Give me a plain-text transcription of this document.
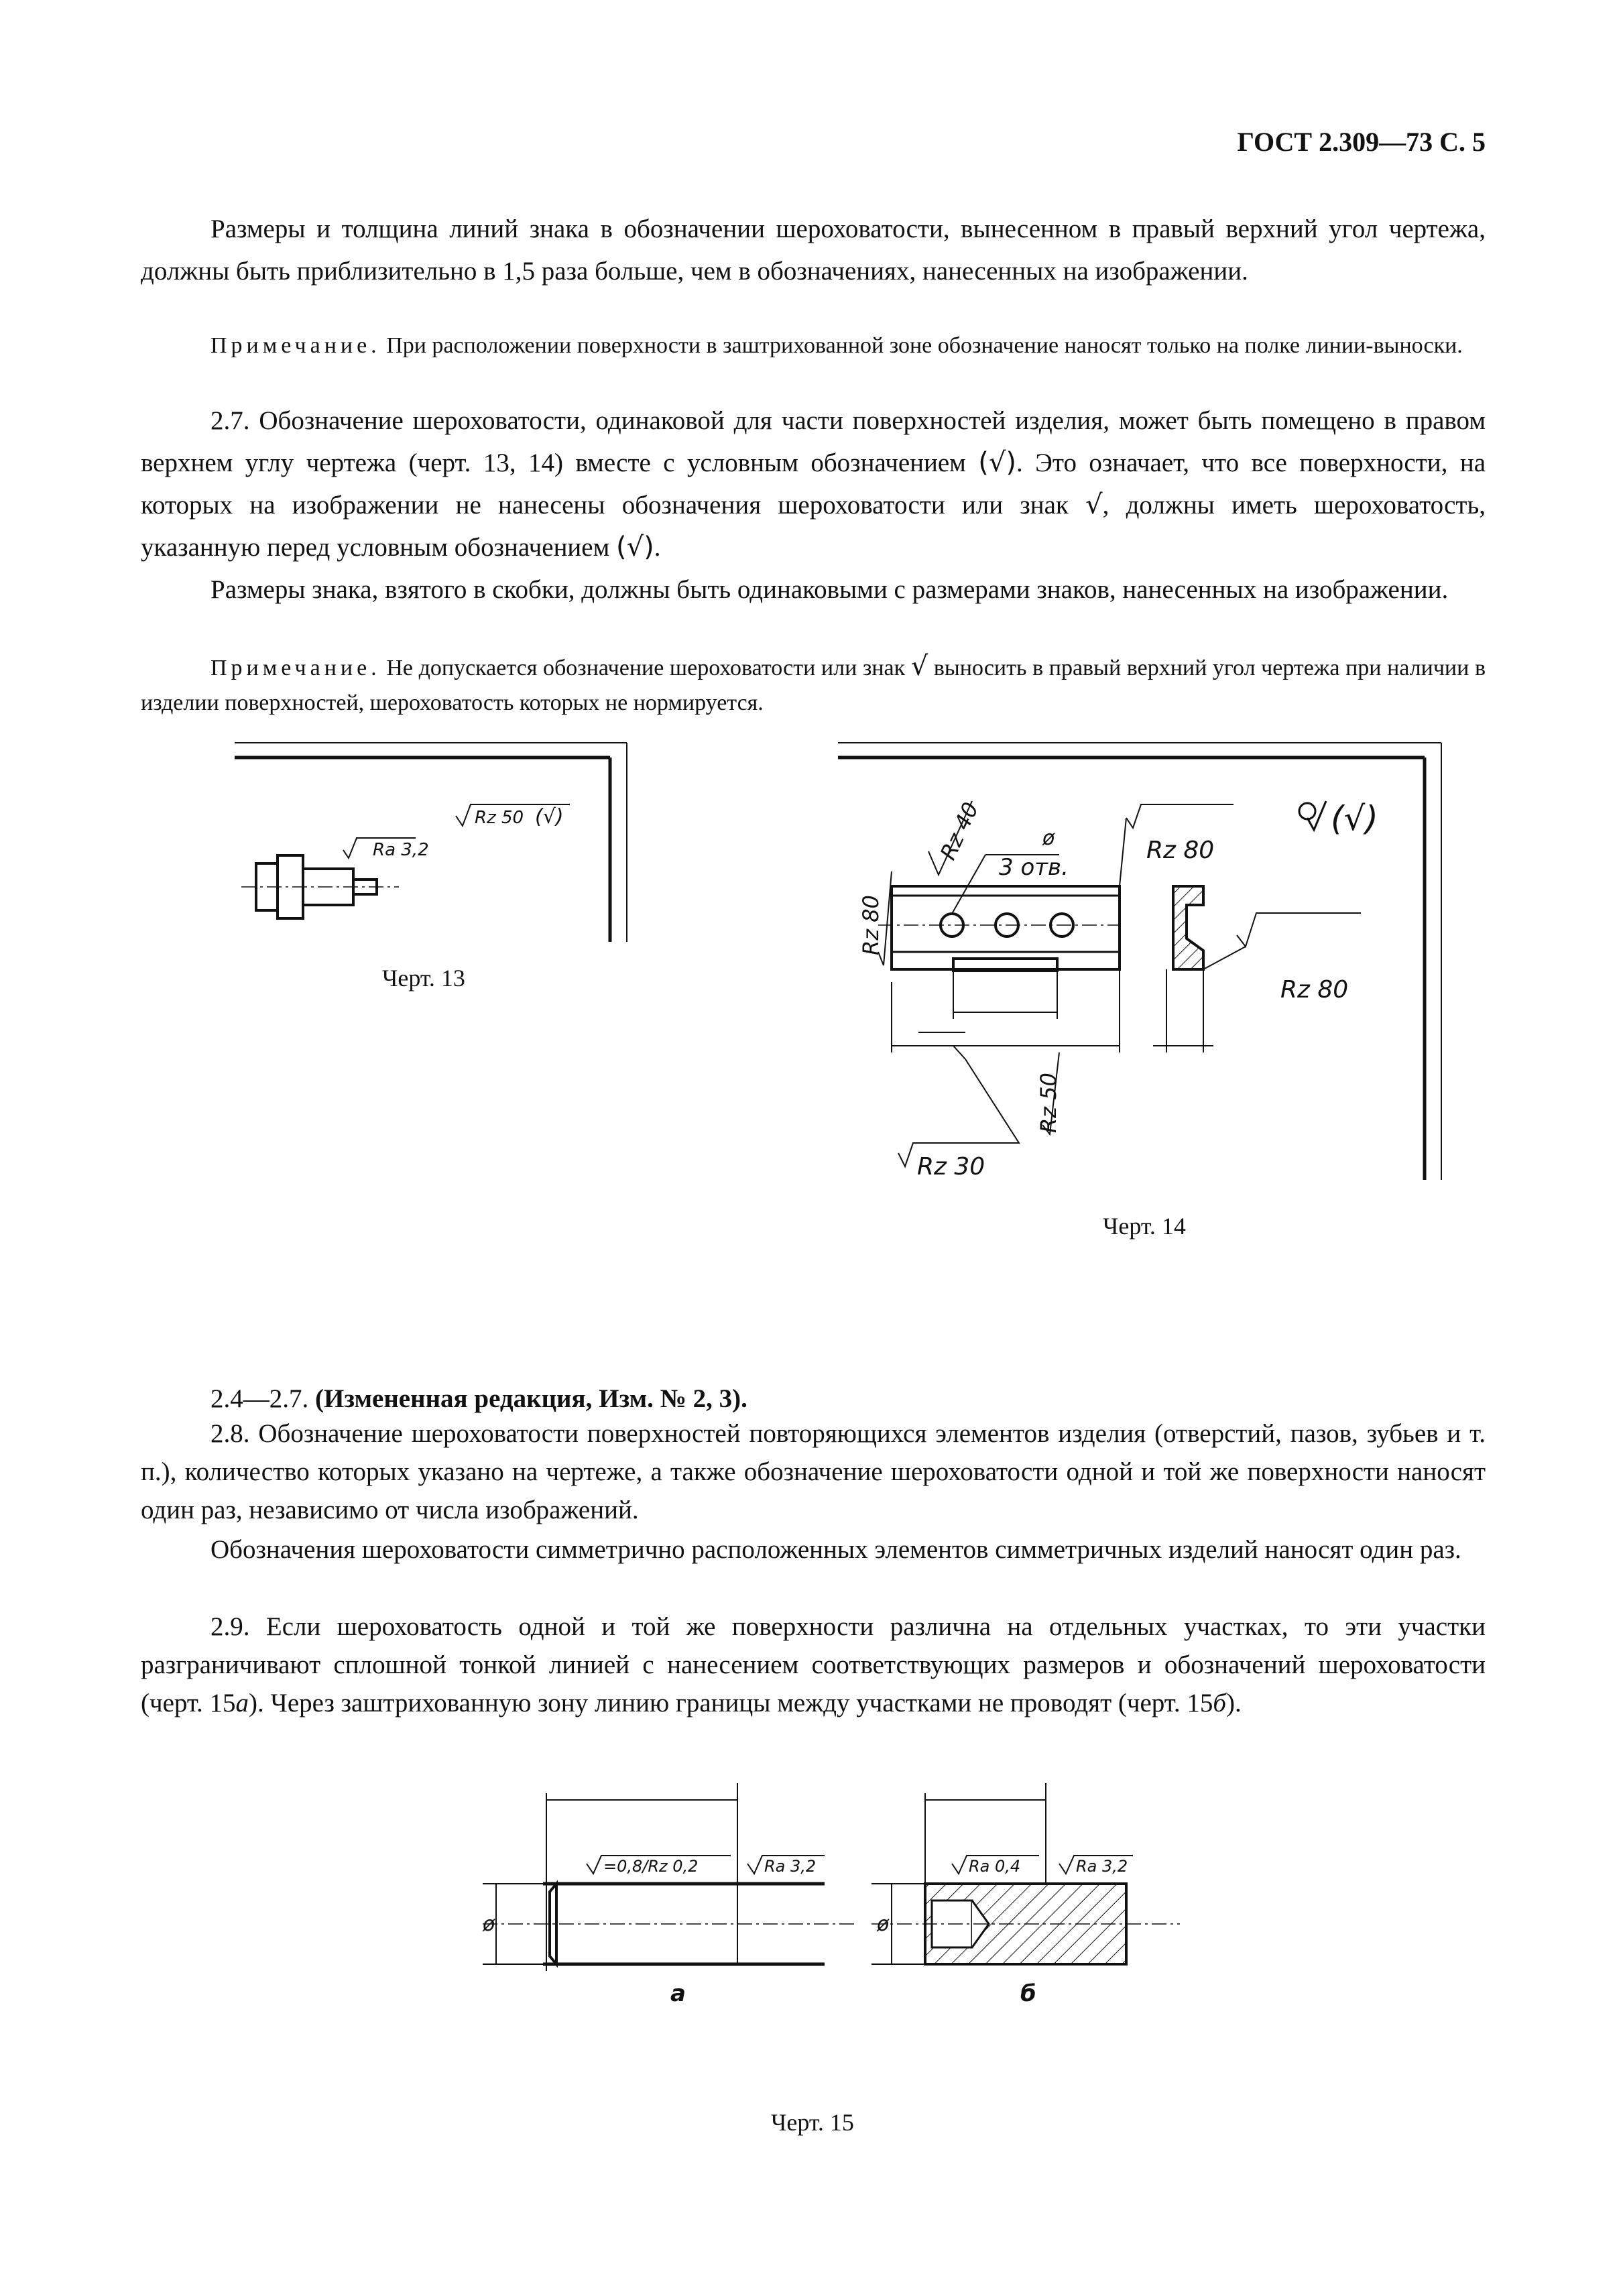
ГОСТ 2.309—73 С. 5

Размеры и толщина линий знака в обозначении шероховатости, вынесенном в правый верхний угол чертежа, должны быть приблизительно в 1,5 раза больше, чем в обозначениях, нанесенных на изображении.

Примечание. При расположении поверхности в заштрихованной зоне обозначение наносят только на полке линии-выноски.

2.7. Обозначение шероховатости, одинаковой для части поверхностей изделия, может быть помещено в правом верхнем углу чертежа (черт. 13, 14) вместе с условным обозначением (√). Это означает, что все поверхности, на которых на изображении не нанесены обозначения шероховатости или знак √, должны иметь шероховатость, указанную перед условным обозначением (√).

Размеры знака, взятого в скобки, должны быть одинаковыми с размерами знаков, нанесенных на изображении.

Примечание. Не допускается обозначение шероховатости или знак √ выносить в правый верхний угол чертежа при наличии в изделии поверхностей, шероховатость которых не нормируется.

Ra 3,2
Rz 50 (√)
Черт. 13
Rz 40	ø
3 отв.
Rz 80
Rz 80
Rz 80
Rz 50
Rz 30
(√)
Черт. 14

2.4—2.7. (Измененная редакция, Изм. № 2, 3).

2.8. Обозначение шероховатости поверхностей повторяющихся элементов изделия (отверстий, пазов, зубьев и т. п.), количество которых указано на чертеже, а также обозначение шероховатости одной и той же поверхности наносят один раз, независимо от числа изображений.

Обозначения шероховатости симметрично расположенных элементов симметричных изделий наносят один раз.

2.9. Если шероховатость одной и той же поверхности различна на отдельных участках, то эти участки разграничивают сплошной тонкой линией с нанесением соответствующих размеров и обозначений шероховатости (черт. 15а). Через заштрихованную зону линию границы между участками не проводят (черт. 15б).

ø
=0,8/Rz 0,2	Ra 3,2
а
ø
Ra 0,4	Ra 3,2
б
Черт. 15
